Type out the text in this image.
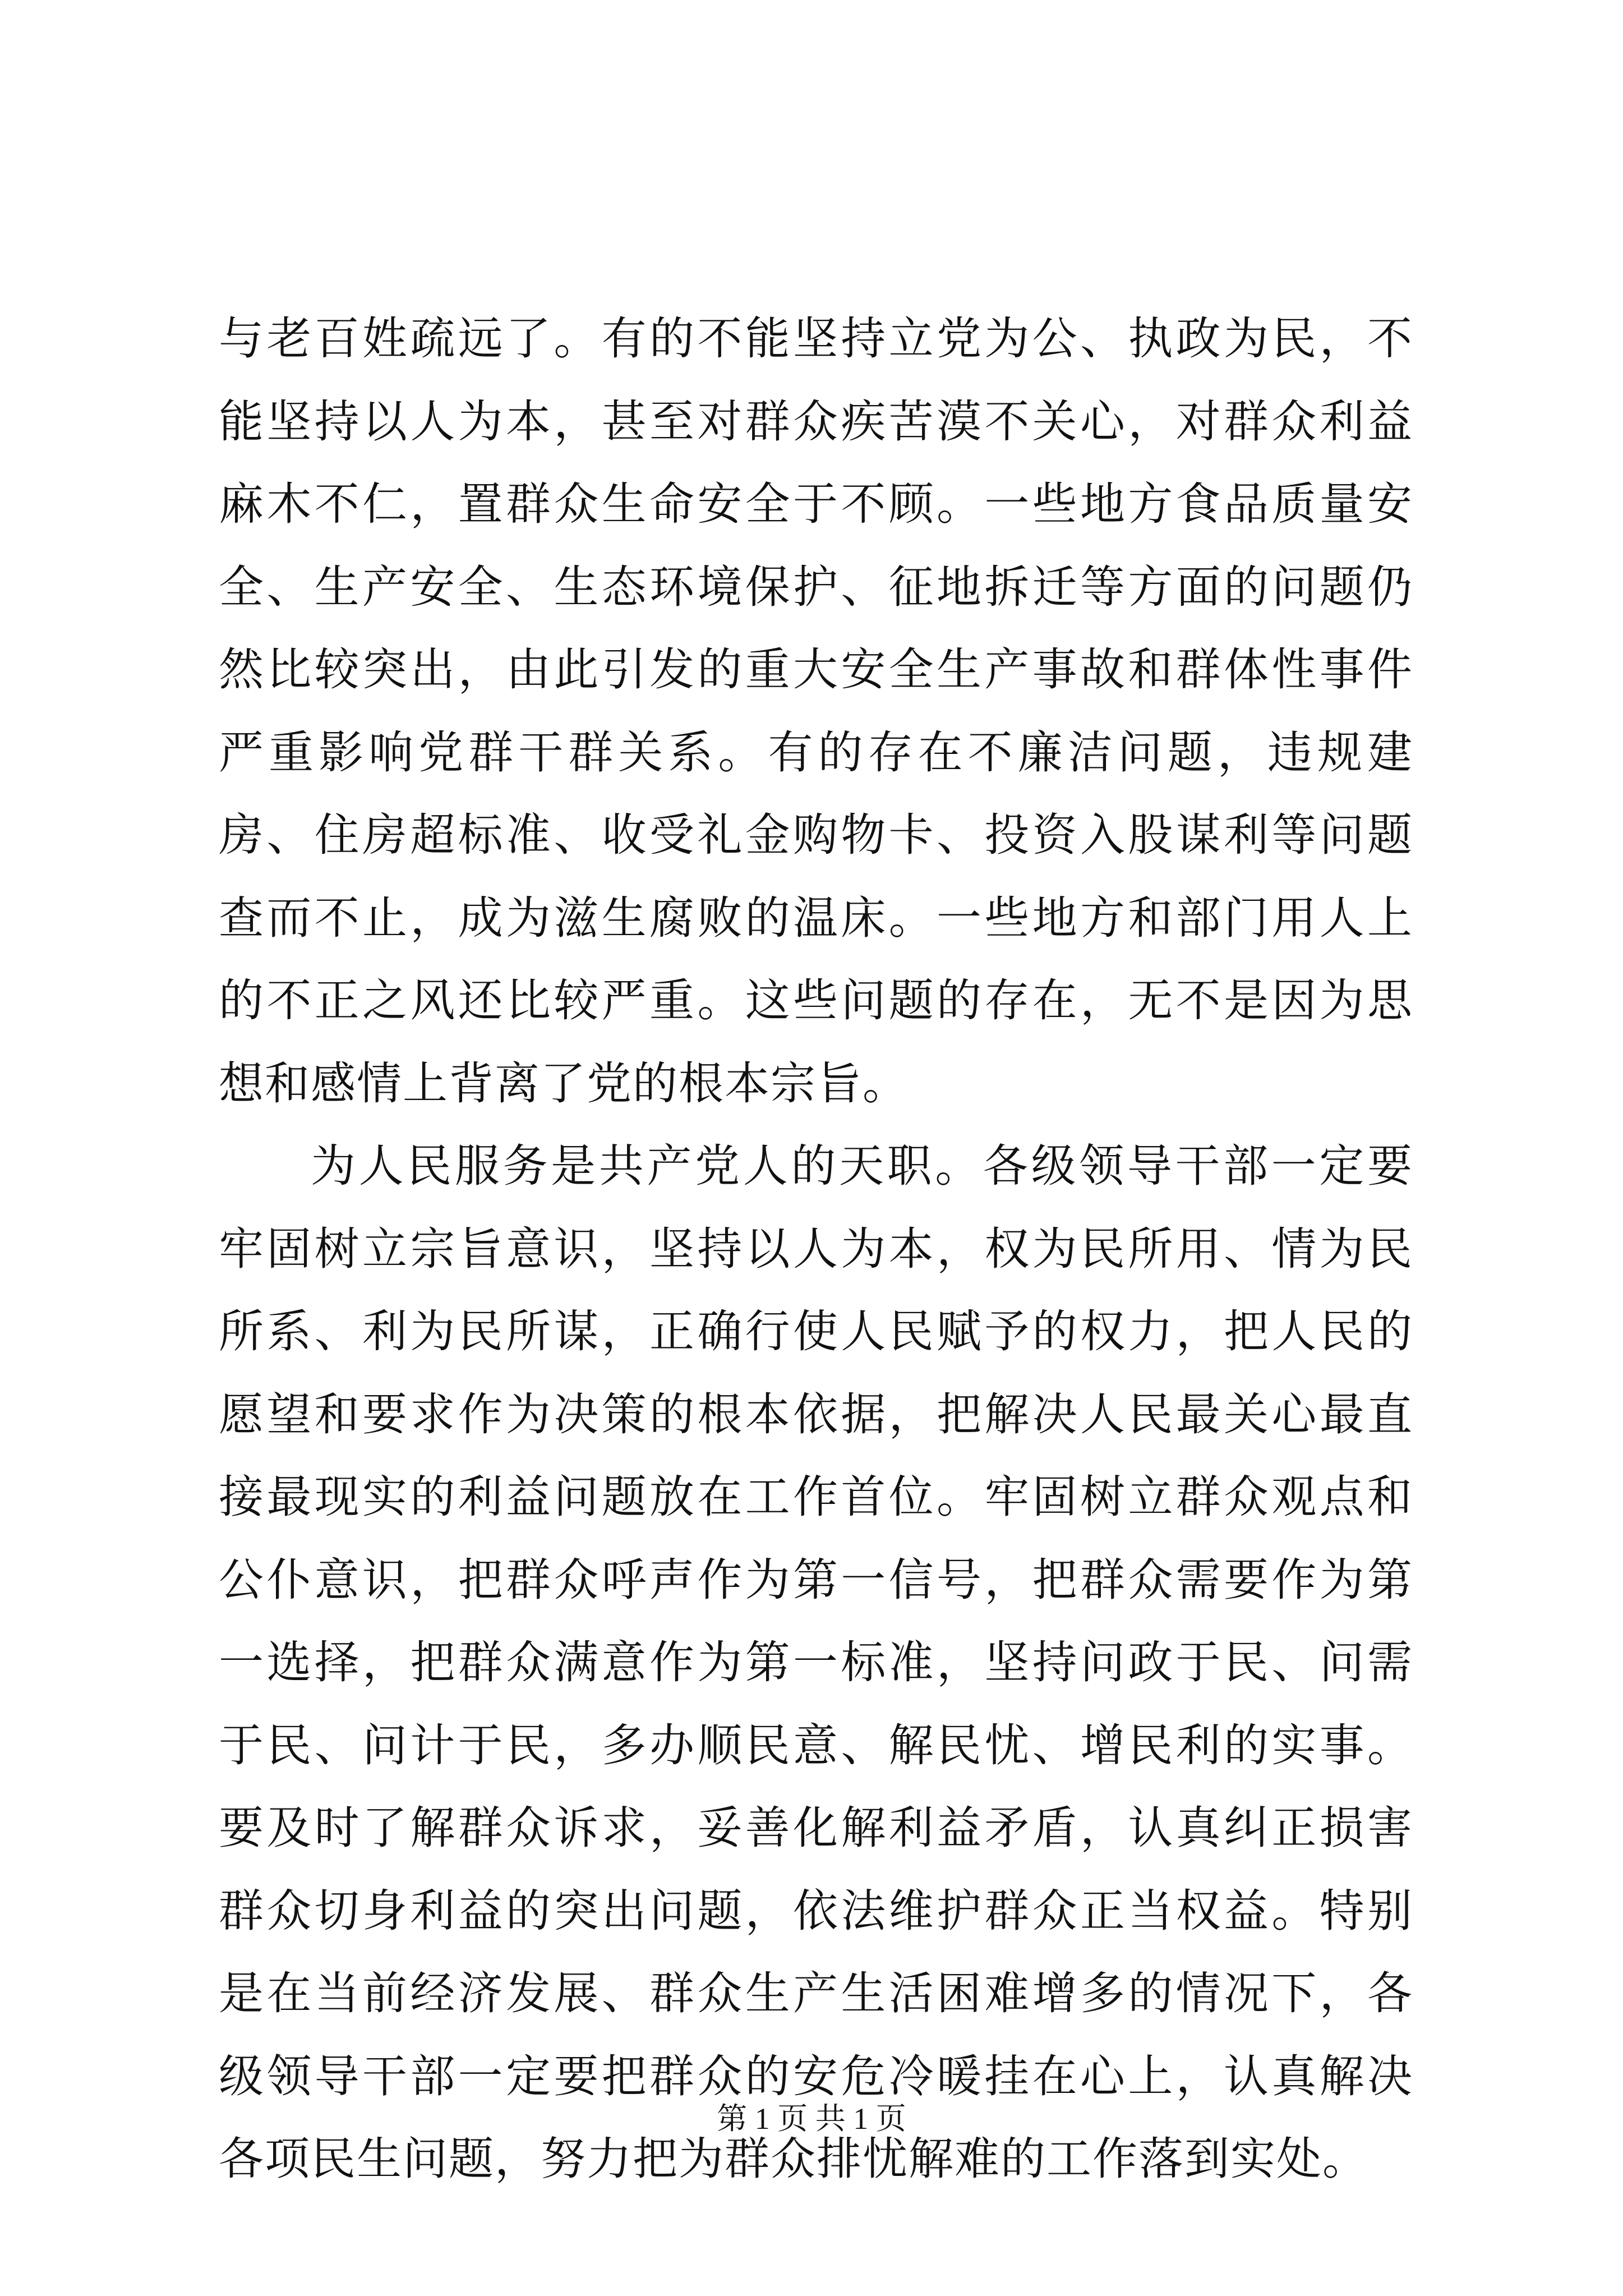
与老百姓疏远了。有的不能坚持立党为公、执政为民，不能坚持以人为本，甚至对群众疾苦漠不关心，对群众利益麻木不仁，置群众生命安全于不顾。一些地方食品质量安全、生产安全、生态环境保护、征地拆迁等方面的问题仍然比较突出，由此引发的重大安全生产事故和群体性事件严重影响党群干群关系。有的存在不廉洁问题，违规建房、住房超标准、收受礼金购物卡、投资入股谋利等问题查而不止，成为滋生腐败的温床。一些地方和部门用人上的不正之风还比较严重。这些问题的存在，无不是因为思想和感情上背离了党的根本宗旨。

为人民服务是共产党人的天职。各级领导干部一定要牢固树立宗旨意识，坚持以人为本，权为民所用、情为民所系、利为民所谋，正确行使人民赋予的权力，把人民的愿望和要求作为决策的根本依据，把解决人民最关心最直接最现实的利益问题放在工作首位。牢固树立群众观点和公仆意识，把群众呼声作为第一信号，把群众需要作为第一选择，把群众满意作为第一标准，坚持问政于民、问需于民、问计于民，多办顺民意、解民忧、增民利的实事。要及时了解群众诉求，妥善化解利益矛盾，认真纠正损害群众切身利益的突出问题，依法维护群众正当权益。特别是在当前经济发展、群众生产生活困难增多的情况下，各级领导干部一定要把群众的安危冷暖挂在心上，认真解决各项民生问题，努力把为群众排忧解难的工作落到实处。

第 1 页 共 1 页
